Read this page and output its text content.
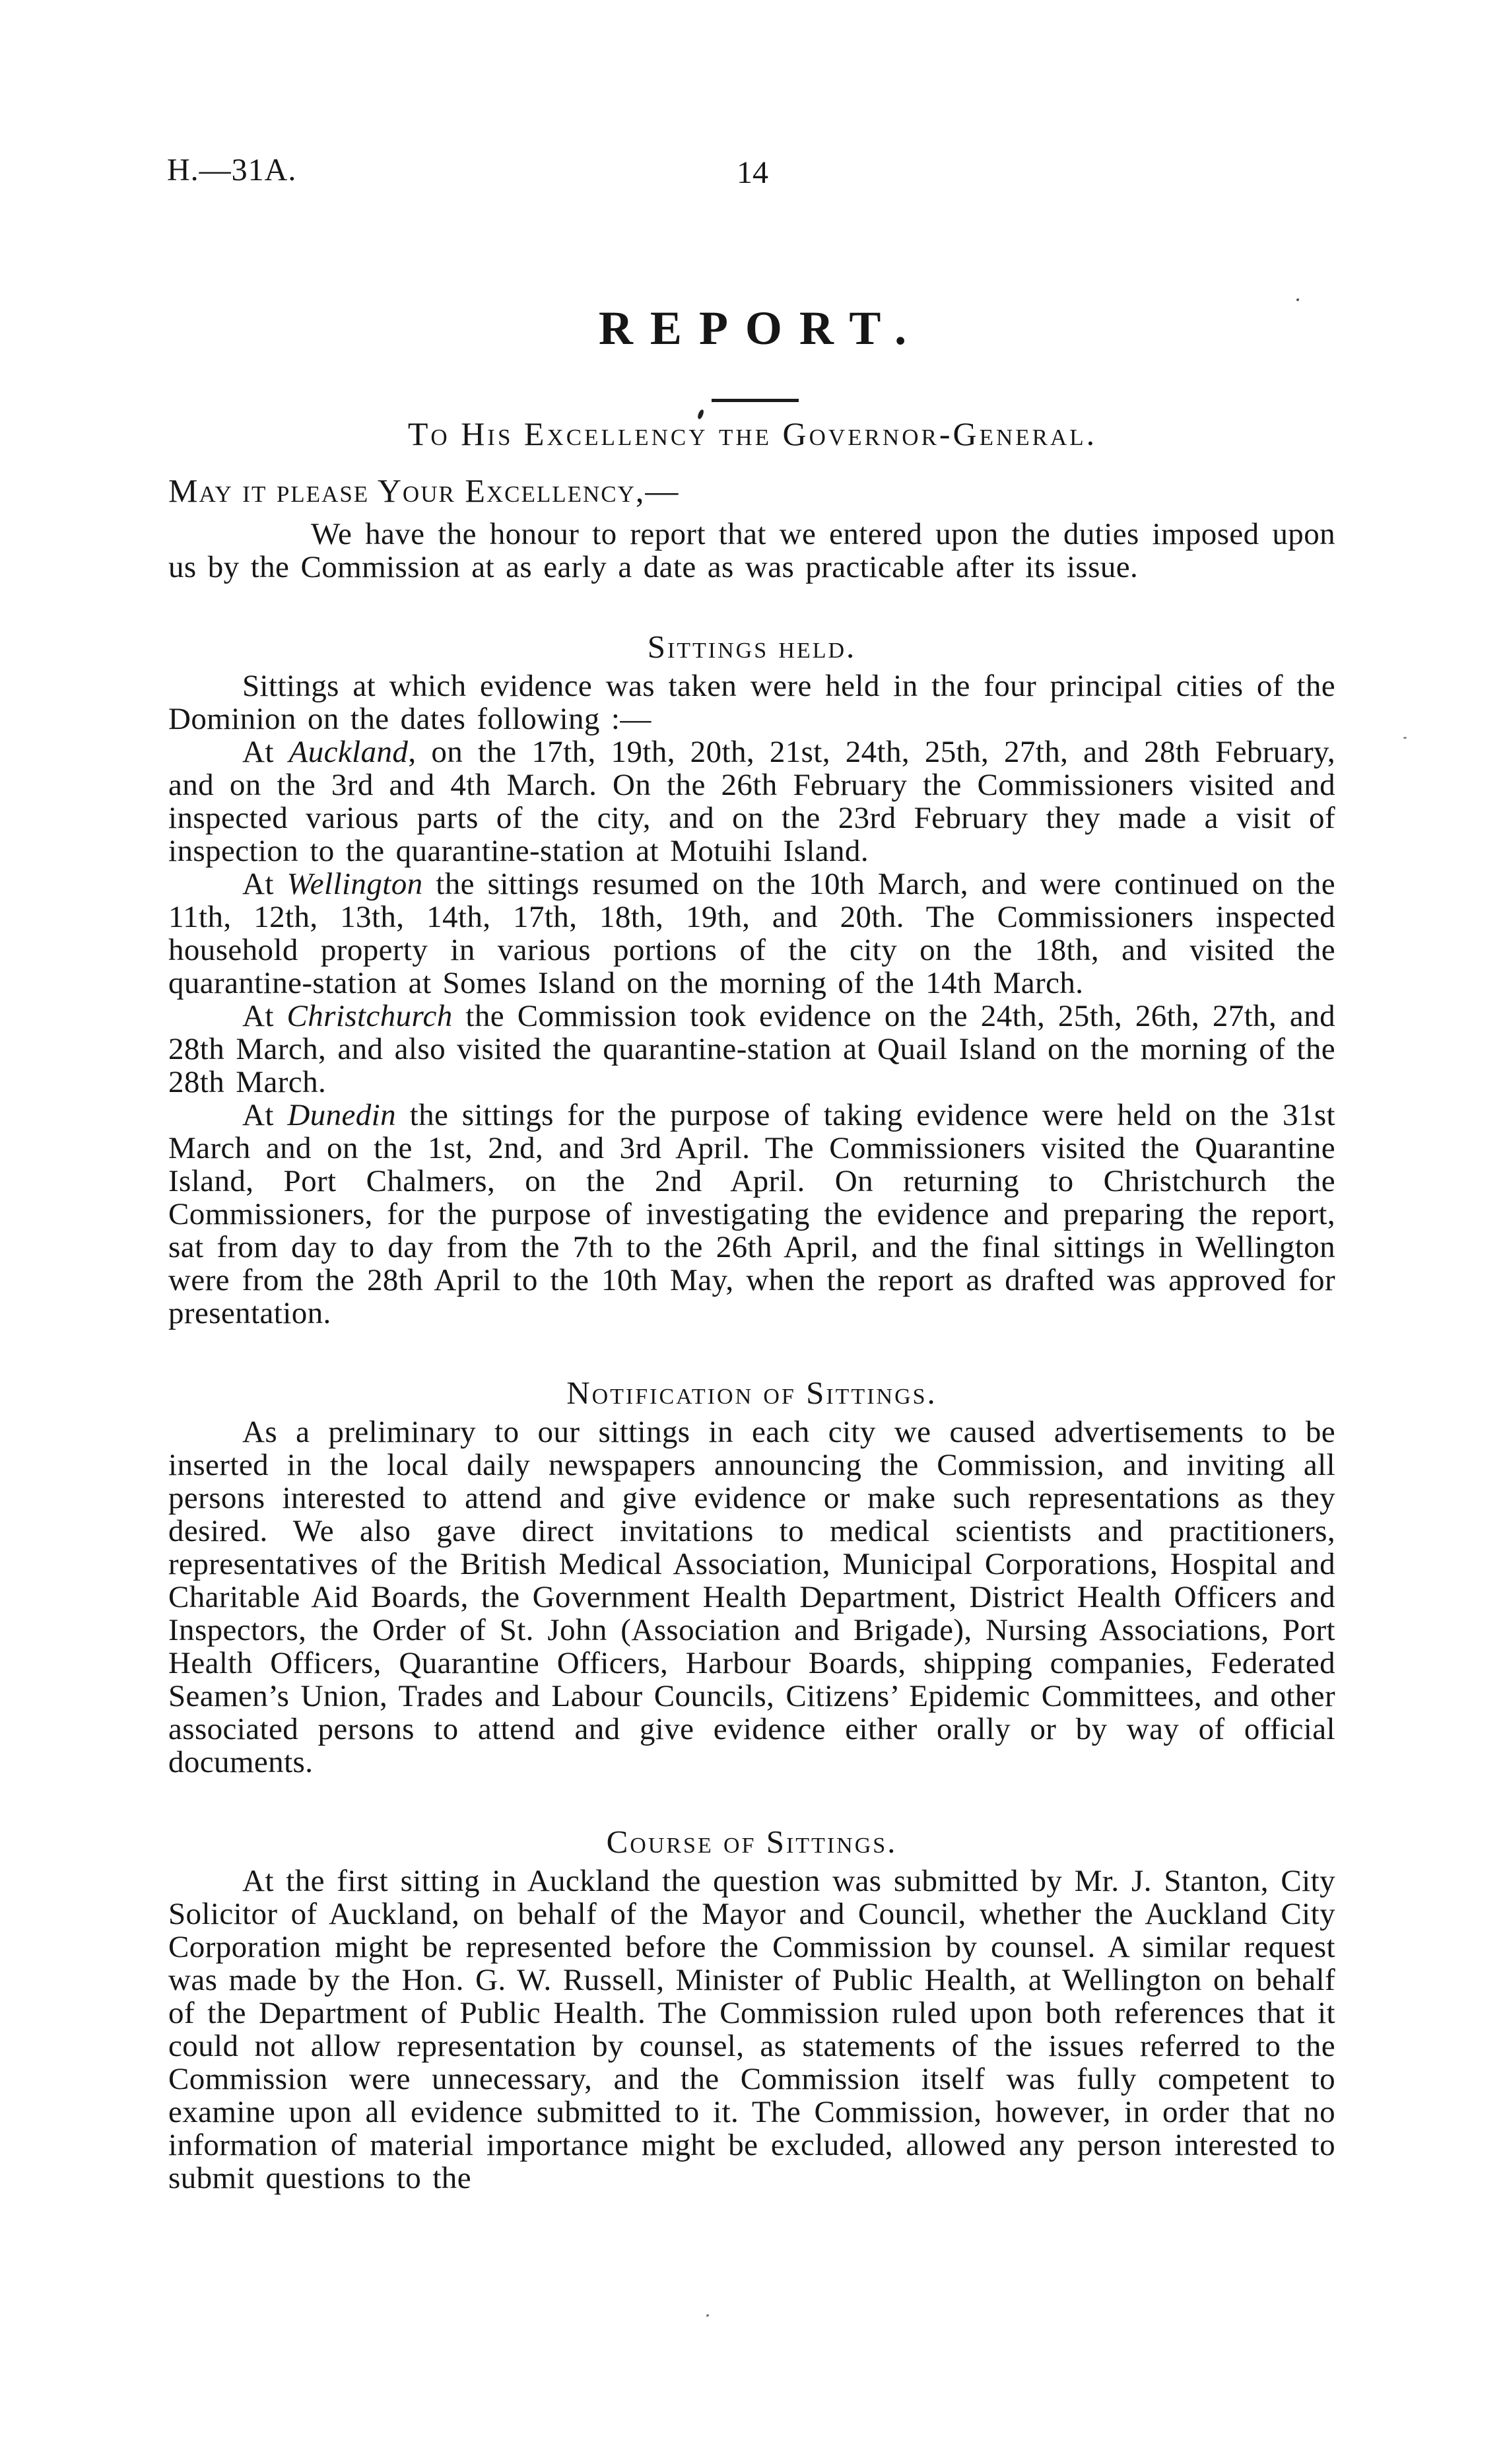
H.—31A.	14
REPORT.
To His Excellency the Governor-General.
May it please Your Excellency,—

We have the honour to report that we entered upon the duties imposed upon us by the Commission at as early a date as was practicable after its issue.

Sittings held.

Sittings at which evidence was taken were held in the four principal cities of the Dominion on the dates following :—

At Auckland, on the 17th, 19th, 20th, 21st, 24th, 25th, 27th, and 28th February, and on the 3rd and 4th March. On the 26th February the Commissioners visited and inspected various parts of the city, and on the 23rd February they made a visit of inspection to the quarantine-station at Motuihi Island.

At Wellington the sittings resumed on the 10th March, and were continued on the 11th, 12th, 13th, 14th, 17th, 18th, 19th, and 20th. The Commissioners inspected household property in various portions of the city on the 18th, and visited the quarantine-station at Somes Island on the morning of the 14th March.

At Christchurch the Commission took evidence on the 24th, 25th, 26th, 27th, and 28th March, and also visited the quarantine-station at Quail Island on the morning of the 28th March.

At Dunedin the sittings for the purpose of taking evidence were held on the 31st March and on the 1st, 2nd, and 3rd April. The Commissioners visited the Quarantine Island, Port Chalmers, on the 2nd April. On returning to Christchurch the Commissioners, for the purpose of investigating the evidence and preparing the report, sat from day to day from the 7th to the 26th April, and the final sittings in Wellington were from the 28th April to the 10th May, when the report as drafted was approved for presentation.

Notification of Sittings.

As a preliminary to our sittings in each city we caused advertisements to be inserted in the local daily newspapers announcing the Commission, and inviting all persons interested to attend and give evidence or make such representations as they desired. We also gave direct invitations to medical scientists and practitioners, representatives of the British Medical Association, Municipal Corporations, Hospital and Charitable Aid Boards, the Government Health Department, District Health Officers and Inspectors, the Order of St. John (Association and Brigade), Nursing Associations, Port Health Officers, Quarantine Officers, Harbour Boards, shipping companies, Federated Seamen’s Union, Trades and Labour Councils, Citizens’ Epidemic Committees, and other associated persons to attend and give evidence either orally or by way of official documents.

Course of Sittings.

At the first sitting in Auckland the question was submitted by Mr. J. Stanton, City Solicitor of Auckland, on behalf of the Mayor and Council, whether the Auckland City Corporation might be represented before the Commission by counsel. A similar request was made by the Hon. G. W. Russell, Minister of Public Health, at Wellington on behalf of the Department of Public Health. The Commission ruled upon both references that it could not allow representation by counsel, as statements of the issues referred to the Commission were unnecessary, and the Commission itself was fully competent to examine upon all evidence submitted to it. The Commission, however, in order that no information of material importance might be excluded, allowed any person interested to submit questions to the
